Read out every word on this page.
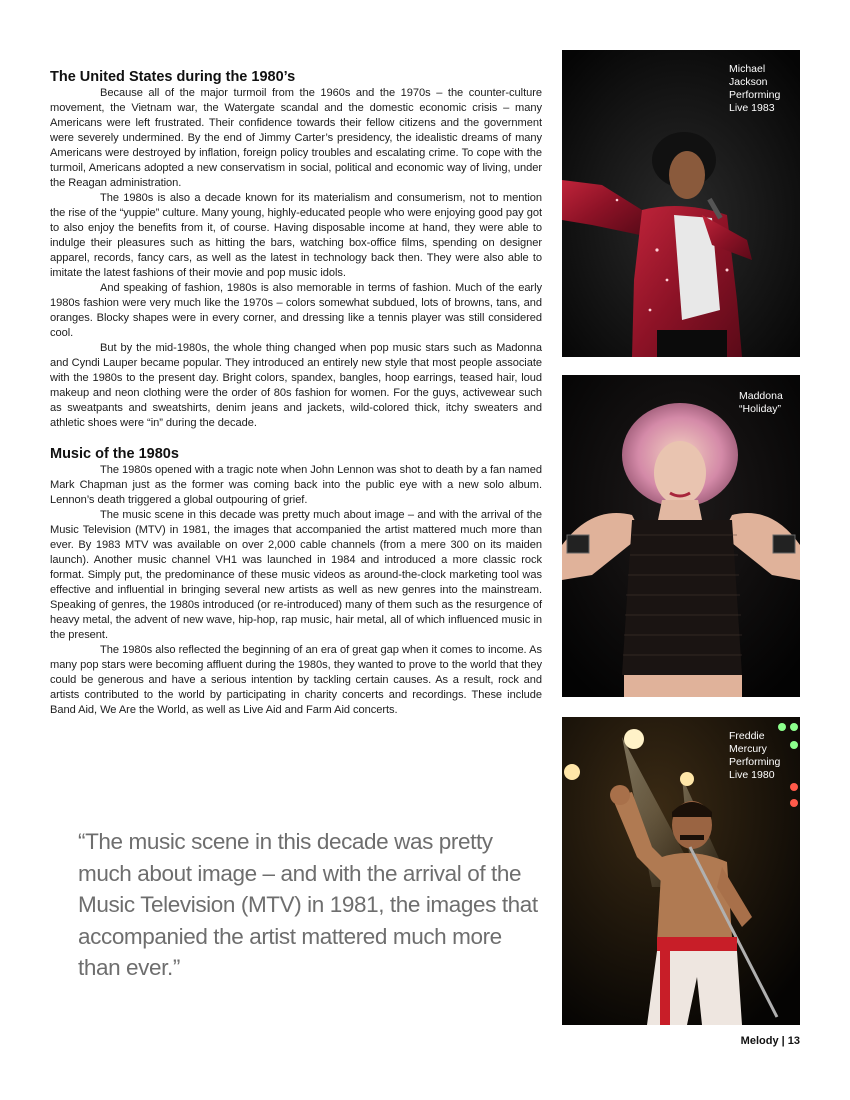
The United States during the 1980’s

Because all of the major turmoil from the 1960s and the 1970s – the counter-culture movement, the Vietnam war, the Watergate scandal and the domestic economic crisis – many Americans were left frustrated. Their confidence towards their fellow citizens and the government were severely undermined. By the end of Jimmy Carter’s presidency, the idealistic dreams of many Americans were destroyed by inflation, foreign policy troubles and escalating crime. To cope with the turmoil, Americans adopted a new conservatism in social, political and economic way of living, under the Reagan administration.

The 1980s is also a decade known for its materialism and consumerism, not to mention the rise of the “yuppie” culture. Many young, highly-educated people who were enjoying good pay got to also enjoy the benefits from it, of course. Having disposable income at hand, they were able to indulge their pleasures such as hitting the bars, watching box-office films, spending on designer apparel, records, fancy cars, as well as the latest in technology back then. They were also able to imitate the latest fashions of their movie and pop music idols.

And speaking of fashion, 1980s is also memorable in terms of fashion. Much of the early 1980s fashion were very much like the 1970s – colors somewhat subdued, lots of browns, tans, and oranges. Blocky shapes were in every corner, and dressing like a tennis player was still considered cool.

But by the mid-1980s, the whole thing changed when pop music stars such as Madonna and Cyndi Lauper became popular. They introduced an entirely new style that most people associate with the 1980s to the present day. Bright colors, spandex, bangles, hoop earrings, teased hair, loud makeup and neon clothing were the order of 80s fashion for women. For the guys, activewear such as sweatpants and sweatshirts, denim jeans and jackets, wild-colored thick, itchy sweaters and athletic shoes were “in” during the decade.

Music of the 1980s

The 1980s opened with a tragic note when John Lennon was shot to death by a fan named Mark Chapman just as the former was coming back into the public eye with a new solo album. Lennon’s death triggered a global outpouring of grief.

The music scene in this decade was pretty much about image – and with the arrival of the Music Television (MTV) in 1981, the images that accompanied the artist mattered much more than ever. By 1983 MTV was available on over 2,000 cable channels (from a mere 300 on its maiden launch). Another music channel VH1 was launched in 1984 and introduced a more classic rock format. Simply put, the predominance of these music videos as around-the-clock marketing tool was effective and influential in bringing several new artists as well as new genres into the mainstream. Speaking of genres, the 1980s introduced (or re-introduced) many of them such as the resurgence of heavy metal, the advent of new wave, hip-hop, rap music, hair metal, all of which influenced music in the present.

The 1980s also reflected the beginning of an era of great gap when it comes to income. As many pop stars were becoming affluent during the 1980s, they wanted to prove to the world that they could be generous and have a serious intention by tackling certain causes. As a result, rock and artists contributed to the world by participating in charity concerts and recordings. These include Band Aid, We Are the World, as well as Live Aid and Farm Aid concerts.

“The music scene in this decade was pretty much about image – and with the arrival of the Music Television (MTV) in 1981, the images that accompanied the artist mattered much more than ever.”

Michael Jackson Performing Live 1983
Maddona “Holiday”
Freddie Mercury Performing Live 1980
Melody | 13
